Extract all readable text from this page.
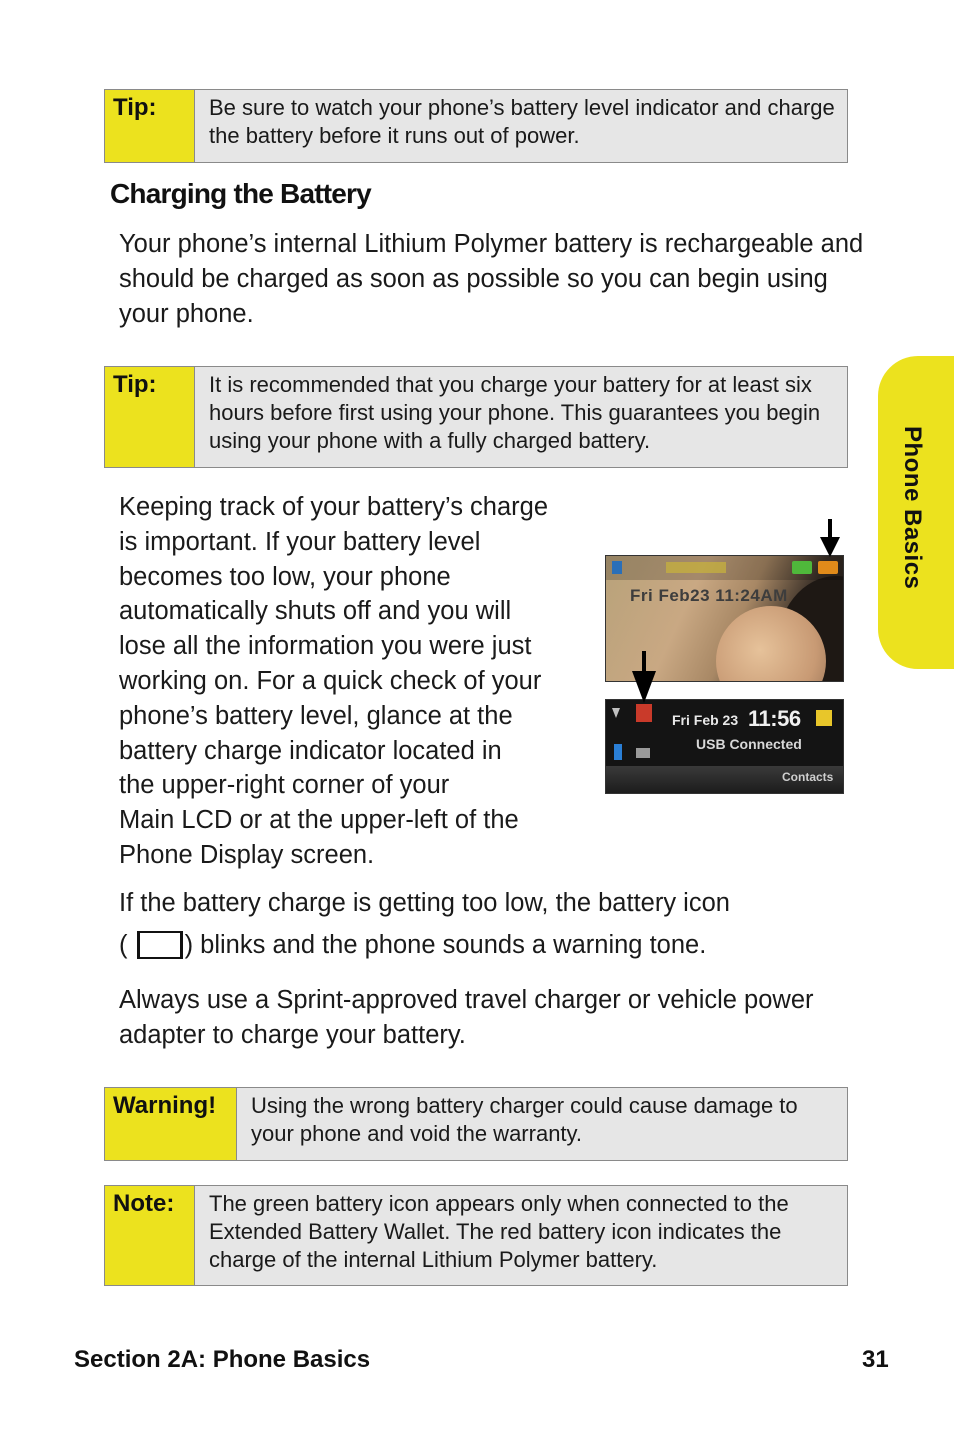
Tip:	Be sure to watch your phone’s battery level indicator and charge the battery before it runs out of power.
Charging the Battery
Your phone’s internal Lithium Polymer battery is rechargeable and should be charged as soon as possible so you can begin using your phone.
Tip:	It is recommended that you charge your battery for at least six hours before first using your phone. This guarantees you begin using your phone with a fully charged battery.
Keeping track of your battery’s charge
is important. If your battery level
becomes too low, your phone
automatically shuts off and you will
lose all the information you were just
working on. For a quick check of your
phone’s battery level, glance at the
battery charge indicator located in
the upper-right corner of your
Main LCD or at the upper-left of the
Phone Display screen.
Fri Feb23 11:24AM
Fri Feb 23 11:56
USB Connected
Contacts
If the battery charge is getting too low, the battery icon
( ) blinks and the phone sounds a warning tone.
Always use a Sprint-approved travel charger or vehicle power adapter to charge your battery.
Warning!	Using the wrong battery charger could cause damage to your phone and void the warranty.
Note:	The green battery icon appears only when connected to the Extended Battery Wallet. The red battery icon indicates the charge of the internal Lithium Polymer battery.
Phone Basics
Section 2A: Phone Basics	31
